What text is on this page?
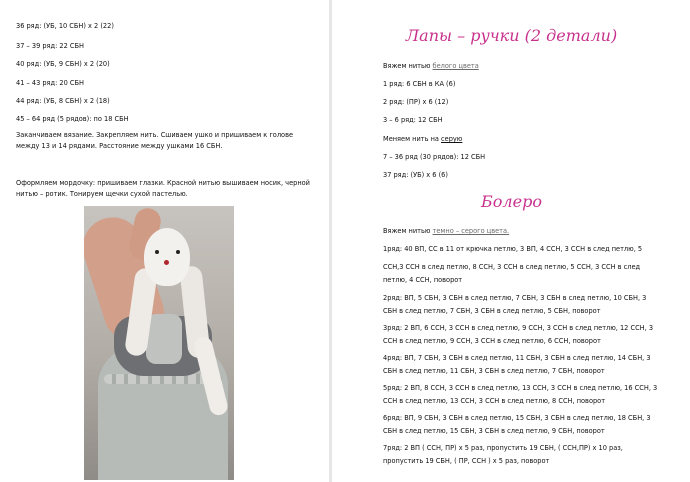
36 ряд: (УБ, 10 СБН) х 2 (22)
37 – 39 ряд: 22 СБН
40 ряд: (УБ, 9 СБН) х 2 (20)
41 – 43 ряд: 20 СБН
44 ряд: (УБ, 8 СБН) х 2 (18)
45 – 64 ряд (5 рядов): по 18 СБН
Заканчиваем вязание. Закрепляем нить. Сшиваем ушко и пришиваем к голове между 13 и 14 рядами. Расстояние между ушками 16 СБН.
Оформляем мордочку: пришиваем глазки. Красной нитью вышиваем носик, черной нитью – ротик. Тонируем щечки сухой пастелью.
Лапы – ручки (2 детали)
Вяжем нитью белого цвета
1 ряд: 6 СБН в КА (6)
2 ряд: (ПР) х 6 (12)
3 – 6 ряд: 12 СБН
Меняем нить на серую
7 – 36 ряд (30 рядов): 12 СБН
37 ряд: (УБ) х 6 (6)
Болеро
Вяжем нитью темно – серого цвета.
1ряд: 40 ВП, СС в 11 от крючка петлю, 3 ВП, 4 ССН, 3 ССН в след петлю, 5
ССН,3 ССН в след петлю, 8 ССН, 3 ССН в след петлю, 5 ССН, 3 ССН в след
петлю, 4 ССН, поворот
2ряд: ВП, 5 СБН, 3 СБН в след петлю, 7 СБН, 3 СБН в след петлю, 10 СБН, 3
СБН в след петлю, 7 СБН, 3 СБН в след петлю, 5 СБН, поворот
3ряд: 2 ВП, 6 ССН, 3 ССН в след петлю, 9 ССН, 3 ССН в след петлю, 12 ССН, 3
ССН в след петлю, 9 ССН, 3 ССН в след петлю, 6 ССН, поворот
4ряд: ВП, 7 СБН, 3 СБН в след петлю, 11 СБН, 3 СБН в след петлю, 14 СБН, 3
СБН в след петлю, 11 СБН, 3 СБН в след петлю, 7 СБН, поворот
5ряд: 2 ВП, 8 ССН, 3 ССН в след петлю, 13 ССН, 3 ССН в след петлю, 16 ССН, 3
ССН в след петлю, 13 ССН, 3 ССН в след петлю, 8 ССН, поворот
6ряд: ВП, 9 СБН, 3 СБН в след петлю, 15 СБН, 3 СБН в след петлю, 18 СБН, 3
СБН в след петлю, 15 СБН, 3 СБН в след петлю, 9 СБН, поворот
7ряд: 2 ВП ( ССН, ПР) х 5 раз, пропустить 19 СБН, ( ССН,ПР) х 10 раз,
пропустить 19 СБН, ( ПР, ССН ) х 5 раз, поворот
